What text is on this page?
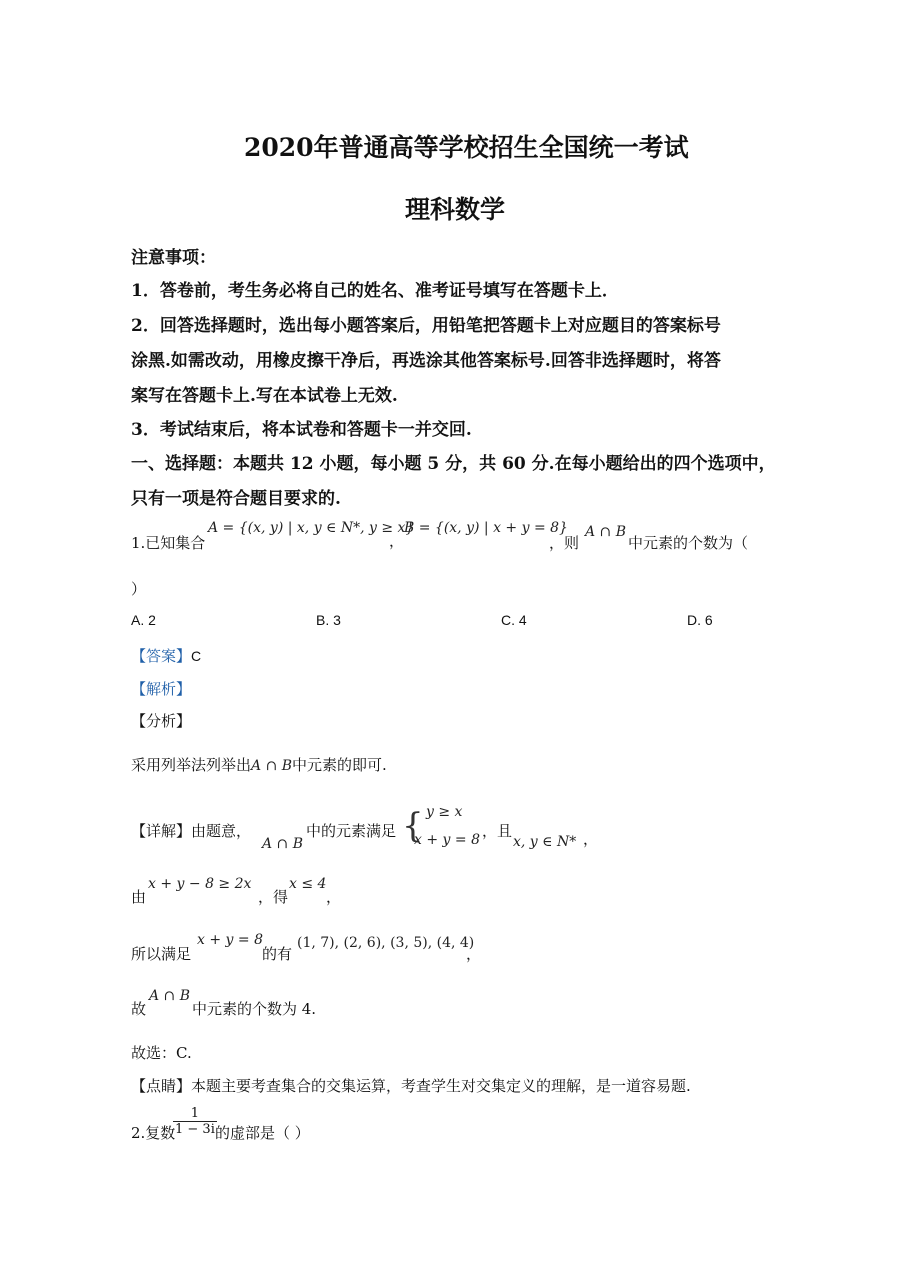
2020年普通高等学校招生全国统一考试
理科数学
注意事项：
1．答卷前，考生务必将自己的姓名、准考证号填写在答题卡上．
2．回答选择题时，选出每小题答案后，用铅笔把答题卡上对应题目的答案标号
涂黑.如需改动，用橡皮擦干净后，再选涂其他答案标号.回答非选择题时，将答
案写在答题卡上.写在本试卷上无效.
3．考试结束后，将本试卷和答题卡一并交回.
一、选择题：本题共 12 小题，每小题 5 分，共 60 分.在每小题给出的四个选项中，
只有一项是符合题目要求的.
1.已知集合
A = {(x, y) | x, y ∈ N*, y ≥ x}
，
B = {(x, y) | x + y = 8}
，则
A ∩ B
中元素的个数为（
）
A. 2	B. 3	C. 4	D. 6
【答案】C
【解析】
【分析】
采用列举法列举出A ∩ B中元素的即可.
【详解】由题意，
A ∩ B
中的元素满足 { y ≥ x
x + y = 8 ，且
x, y ∈ N* ，
由
x + y − 8 ≥ 2x
，得
x ≤ 4
，
所以满足
x + y = 8
的有
(1, 7), (2, 6), (3, 5), (4, 4)
，
故
A ∩ B
中元素的个数为 4.
故选：C.
【点睛】本题主要考查集合的交集运算，考查学生对交集定义的理解，是一道容易题.
2.复数
$\frac{1}{1 - 3i}$
的虚部是（ ）
